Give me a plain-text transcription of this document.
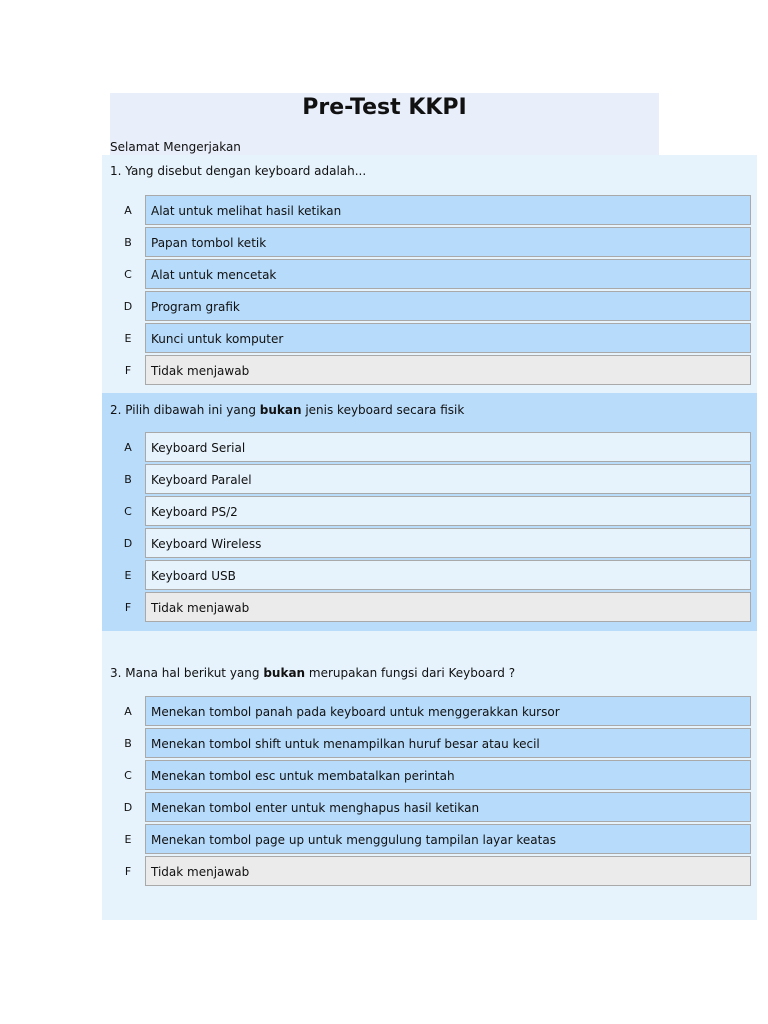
Pre-Test KKPI
Selamat Mengerjakan
1. Yang disebut dengan keyboard adalah...
A	Alat untuk melihat hasil ketikan
B	Papan tombol ketik
C	Alat untuk mencetak
D	Program grafik
E	Kunci untuk komputer
F	Tidak menjawab
2. Pilih dibawah ini yang bukan jenis keyboard secara fisik
A	Keyboard Serial
B	Keyboard Paralel
C	Keyboard PS/2
D	Keyboard Wireless
E	Keyboard USB
F	Tidak menjawab
3. Mana hal berikut yang bukan merupakan fungsi dari Keyboard ?
A	Menekan tombol panah pada keyboard untuk menggerakkan kursor
B	Menekan tombol shift untuk menampilkan huruf besar atau kecil
C	Menekan tombol esc untuk membatalkan perintah
D	Menekan tombol enter untuk menghapus hasil ketikan
E	Menekan tombol page up untuk menggulung tampilan layar keatas
F	Tidak menjawab
